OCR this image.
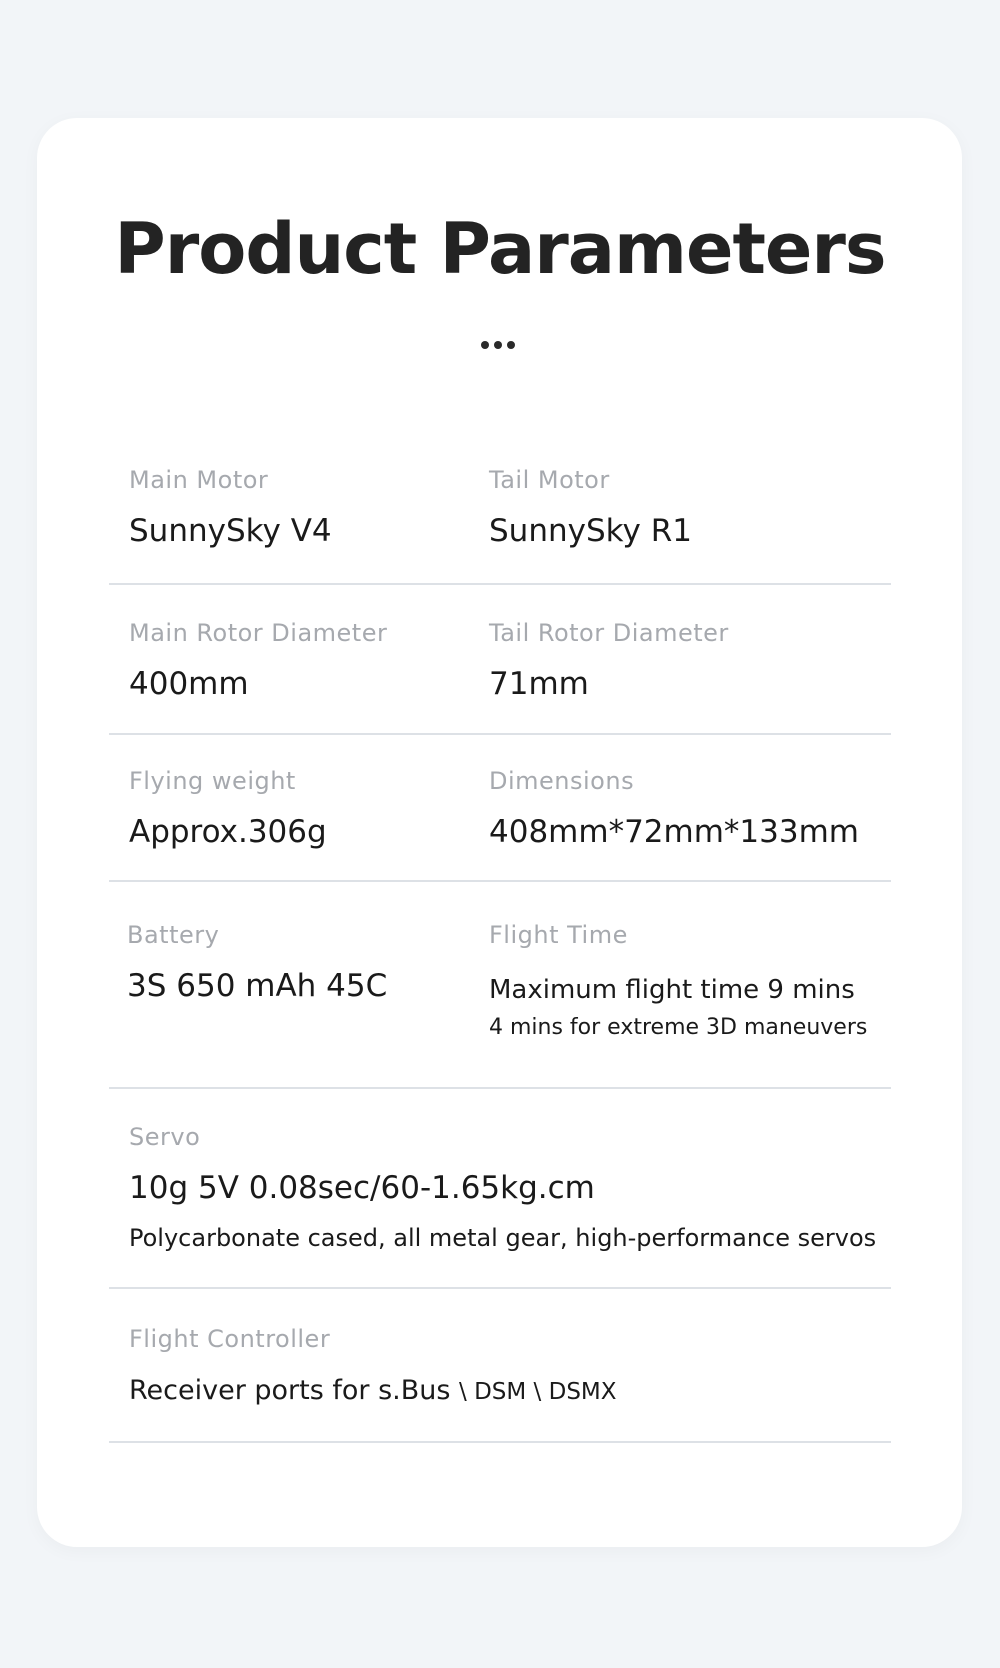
Product Parameters
Main Motor
SunnySky V4
Tail Motor
SunnySky R1
Main Rotor Diameter
400mm
Tail Rotor Diameter
71mm
Flying weight
Approx.306g
Dimensions
408mm*72mm*133mm
Battery
3S 650 mAh 45C
Flight Time
Maximum flight time 9 mins
4 mins for extreme 3D maneuvers
Servo
10g 5V 0.08sec/60-1.65kg.cm
Polycarbonate cased, all metal gear, high-performance servos
Flight Controller
Receiver ports for s.Bus \ DSM \ DSMX
